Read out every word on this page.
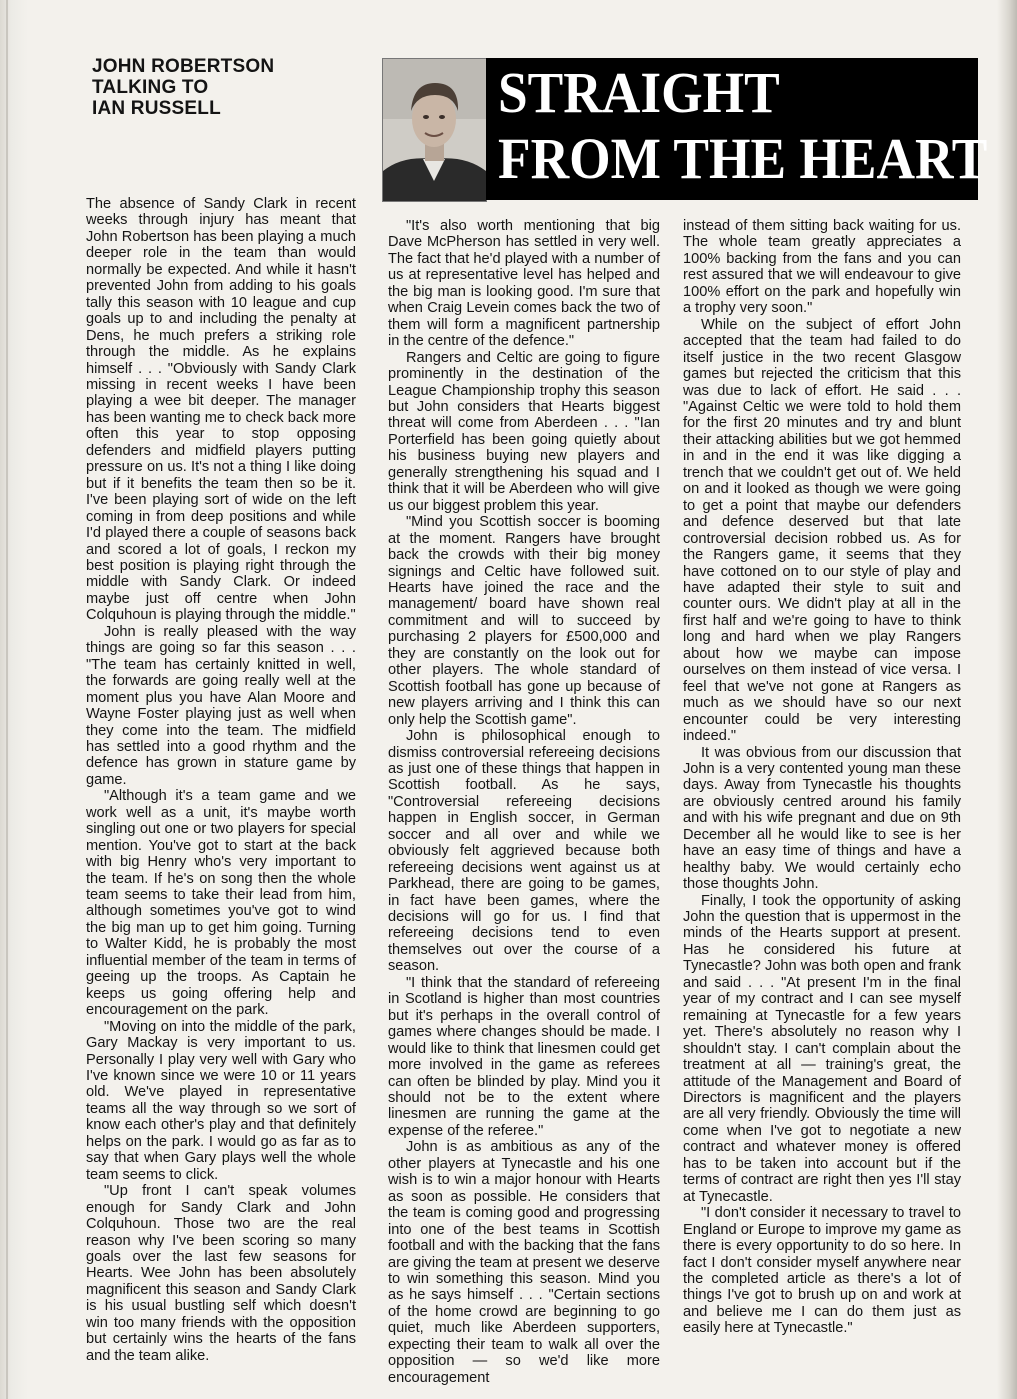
JOHN ROBERTSON
TALKING TO
IAN RUSSELL	STRAIGHT
FROM THE HEART

The absence of Sandy Clark in recent weeks through injury has meant that John Robertson has been playing a much deeper role in the team than would normally be expected. And while it hasn't prevented John from adding to his goals tally this season with 10 league and cup goals up to and including the penalty at Dens, he much prefers a striking role through the middle. As he explains himself . . . "Obviously with Sandy Clark missing in recent weeks I have been playing a wee bit deeper. The manager has been wanting me to check back more often this year to stop opposing defenders and midfield players putting pressure on us. It's not a thing I like doing but if it benefits the team then so be it. I've been playing sort of wide on the left coming in from deep positions and while I'd played there a couple of seasons back and scored a lot of goals, I reckon my best position is playing right through the middle with Sandy Clark. Or indeed maybe just off centre when John Colquhoun is playing through the middle."

John is really pleased with the way things are going so far this season . . . "The team has certainly knitted in well, the forwards are going really well at the moment plus you have Alan Moore and Wayne Foster playing just as well when they come into the team. The midfield has settled into a good rhythm and the defence has grown in stature game by game.

"Although it's a team game and we work well as a unit, it's maybe worth singling out one or two players for special mention. You've got to start at the back with big Henry who's very important to the team. If he's on song then the whole team seems to take their lead from him, although sometimes you've got to wind the big man up to get him going. Turning to Walter Kidd, he is probably the most influential member of the team in terms of geeing up the troops. As Captain he keeps us going offering help and encouragement on the park.

"Moving on into the middle of the park, Gary Mackay is very important to us. Personally I play very well with Gary who I've known since we were 10 or 11 years old. We've played in representative teams all the way through so we sort of know each other's play and that definitely helps on the park. I would go as far as to say that when Gary plays well the whole team seems to click.

"Up front I can't speak volumes enough for Sandy Clark and John Colquhoun. Those two are the real reason why I've been scoring so many goals over the last few seasons for Hearts. Wee John has been absolutely magnificent this season and Sandy Clark is his usual bustling self which doesn't win too many friends with the opposition but certainly wins the hearts of the fans and the team alike.

"It's also worth mentioning that big Dave McPherson has settled in very well. The fact that he'd played with a number of us at representative level has helped and the big man is looking good. I'm sure that when Craig Levein comes back the two of them will form a magnificent partnership in the centre of the defence."

Rangers and Celtic are going to figure prominently in the destination of the League Championship trophy this season but John considers that Hearts biggest threat will come from Aberdeen . . . "Ian Porterfield has been going quietly about his business buying new players and generally strengthening his squad and I think that it will be Aberdeen who will give us our biggest problem this year.

"Mind you Scottish soccer is booming at the moment. Rangers have brought back the crowds with their big money signings and Celtic have followed suit. Hearts have joined the race and the management/ board have shown real commitment and will to succeed by purchasing 2 players for £500,000 and they are constantly on the look out for other players. The whole standard of Scottish football has gone up because of new players arriving and I think this can only help the Scottish game".

John is philosophical enough to dismiss controversial refereeing decisions as just one of these things that happen in Scottish football. As he says, "Controversial refereeing decisions happen in English soccer, in German soccer and all over and while we obviously felt aggrieved because both refereeing decisions went against us at Parkhead, there are going to be games, in fact have been games, where the decisions will go for us. I find that refereeing decisions tend to even themselves out over the course of a season.

"I think that the standard of refereeing in Scotland is higher than most countries but it's perhaps in the overall control of games where changes should be made. I would like to think that linesmen could get more involved in the game as referees can often be blinded by play. Mind you it should not be to the extent where linesmen are running the game at the expense of the referee."

John is as ambitious as any of the other players at Tynecastle and his one wish is to win a major honour with Hearts as soon as possible. He considers that the team is coming good and progressing into one of the best teams in Scottish football and with the backing that the fans are giving the team at present we deserve to win something this season. Mind you as he says himself . . . "Certain sections of the home crowd are beginning to go quiet, much like Aberdeen supporters, expecting their team to walk all over the opposition — so we'd like more encouragement

instead of them sitting back waiting for us. The whole team greatly appreciates a 100% backing from the fans and you can rest assured that we will endeavour to give 100% effort on the park and hopefully win a trophy very soon."

While on the subject of effort John accepted that the team had failed to do itself justice in the two recent Glasgow games but rejected the criticism that this was due to lack of effort. He said . . . "Against Celtic we were told to hold them for the first 20 minutes and try and blunt their attacking abilities but we got hemmed in and in the end it was like digging a trench that we couldn't get out of. We held on and it looked as though we were going to get a point that maybe our defenders and defence deserved but that late controversial decision robbed us. As for the Rangers game, it seems that they have cottoned on to our style of play and have adapted their style to suit and counter ours. We didn't play at all in the first half and we're going to have to think long and hard when we play Rangers about how we maybe can impose ourselves on them instead of vice versa. I feel that we've not gone at Rangers as much as we should have so our next encounter could be very interesting indeed."

It was obvious from our discussion that John is a very contented young man these days. Away from Tynecastle his thoughts are obviously centred around his family and with his wife pregnant and due on 9th December all he would like to see is her have an easy time of things and have a healthy baby. We would certainly echo those thoughts John.

Finally, I took the opportunity of asking John the question that is uppermost in the minds of the Hearts support at present. Has he considered his future at Tynecastle? John was both open and frank and said . . . "At present I'm in the final year of my contract and I can see myself remaining at Tynecastle for a few years yet. There's absolutely no reason why I shouldn't stay. I can't complain about the treatment at all — training's great, the attitude of the Management and Board of Directors is magnificent and the players are all very friendly. Obviously the time will come when I've got to negotiate a new contract and whatever money is offered has to be taken into account but if the terms of contract are right then yes I'll stay at Tynecastle.

"I don't consider it necessary to travel to England or Europe to improve my game as there is every opportunity to do so here. In fact I don't consider myself anywhere near the completed article as there's a lot of things I've got to brush up on and work at and believe me I can do them just as easily here at Tynecastle."
